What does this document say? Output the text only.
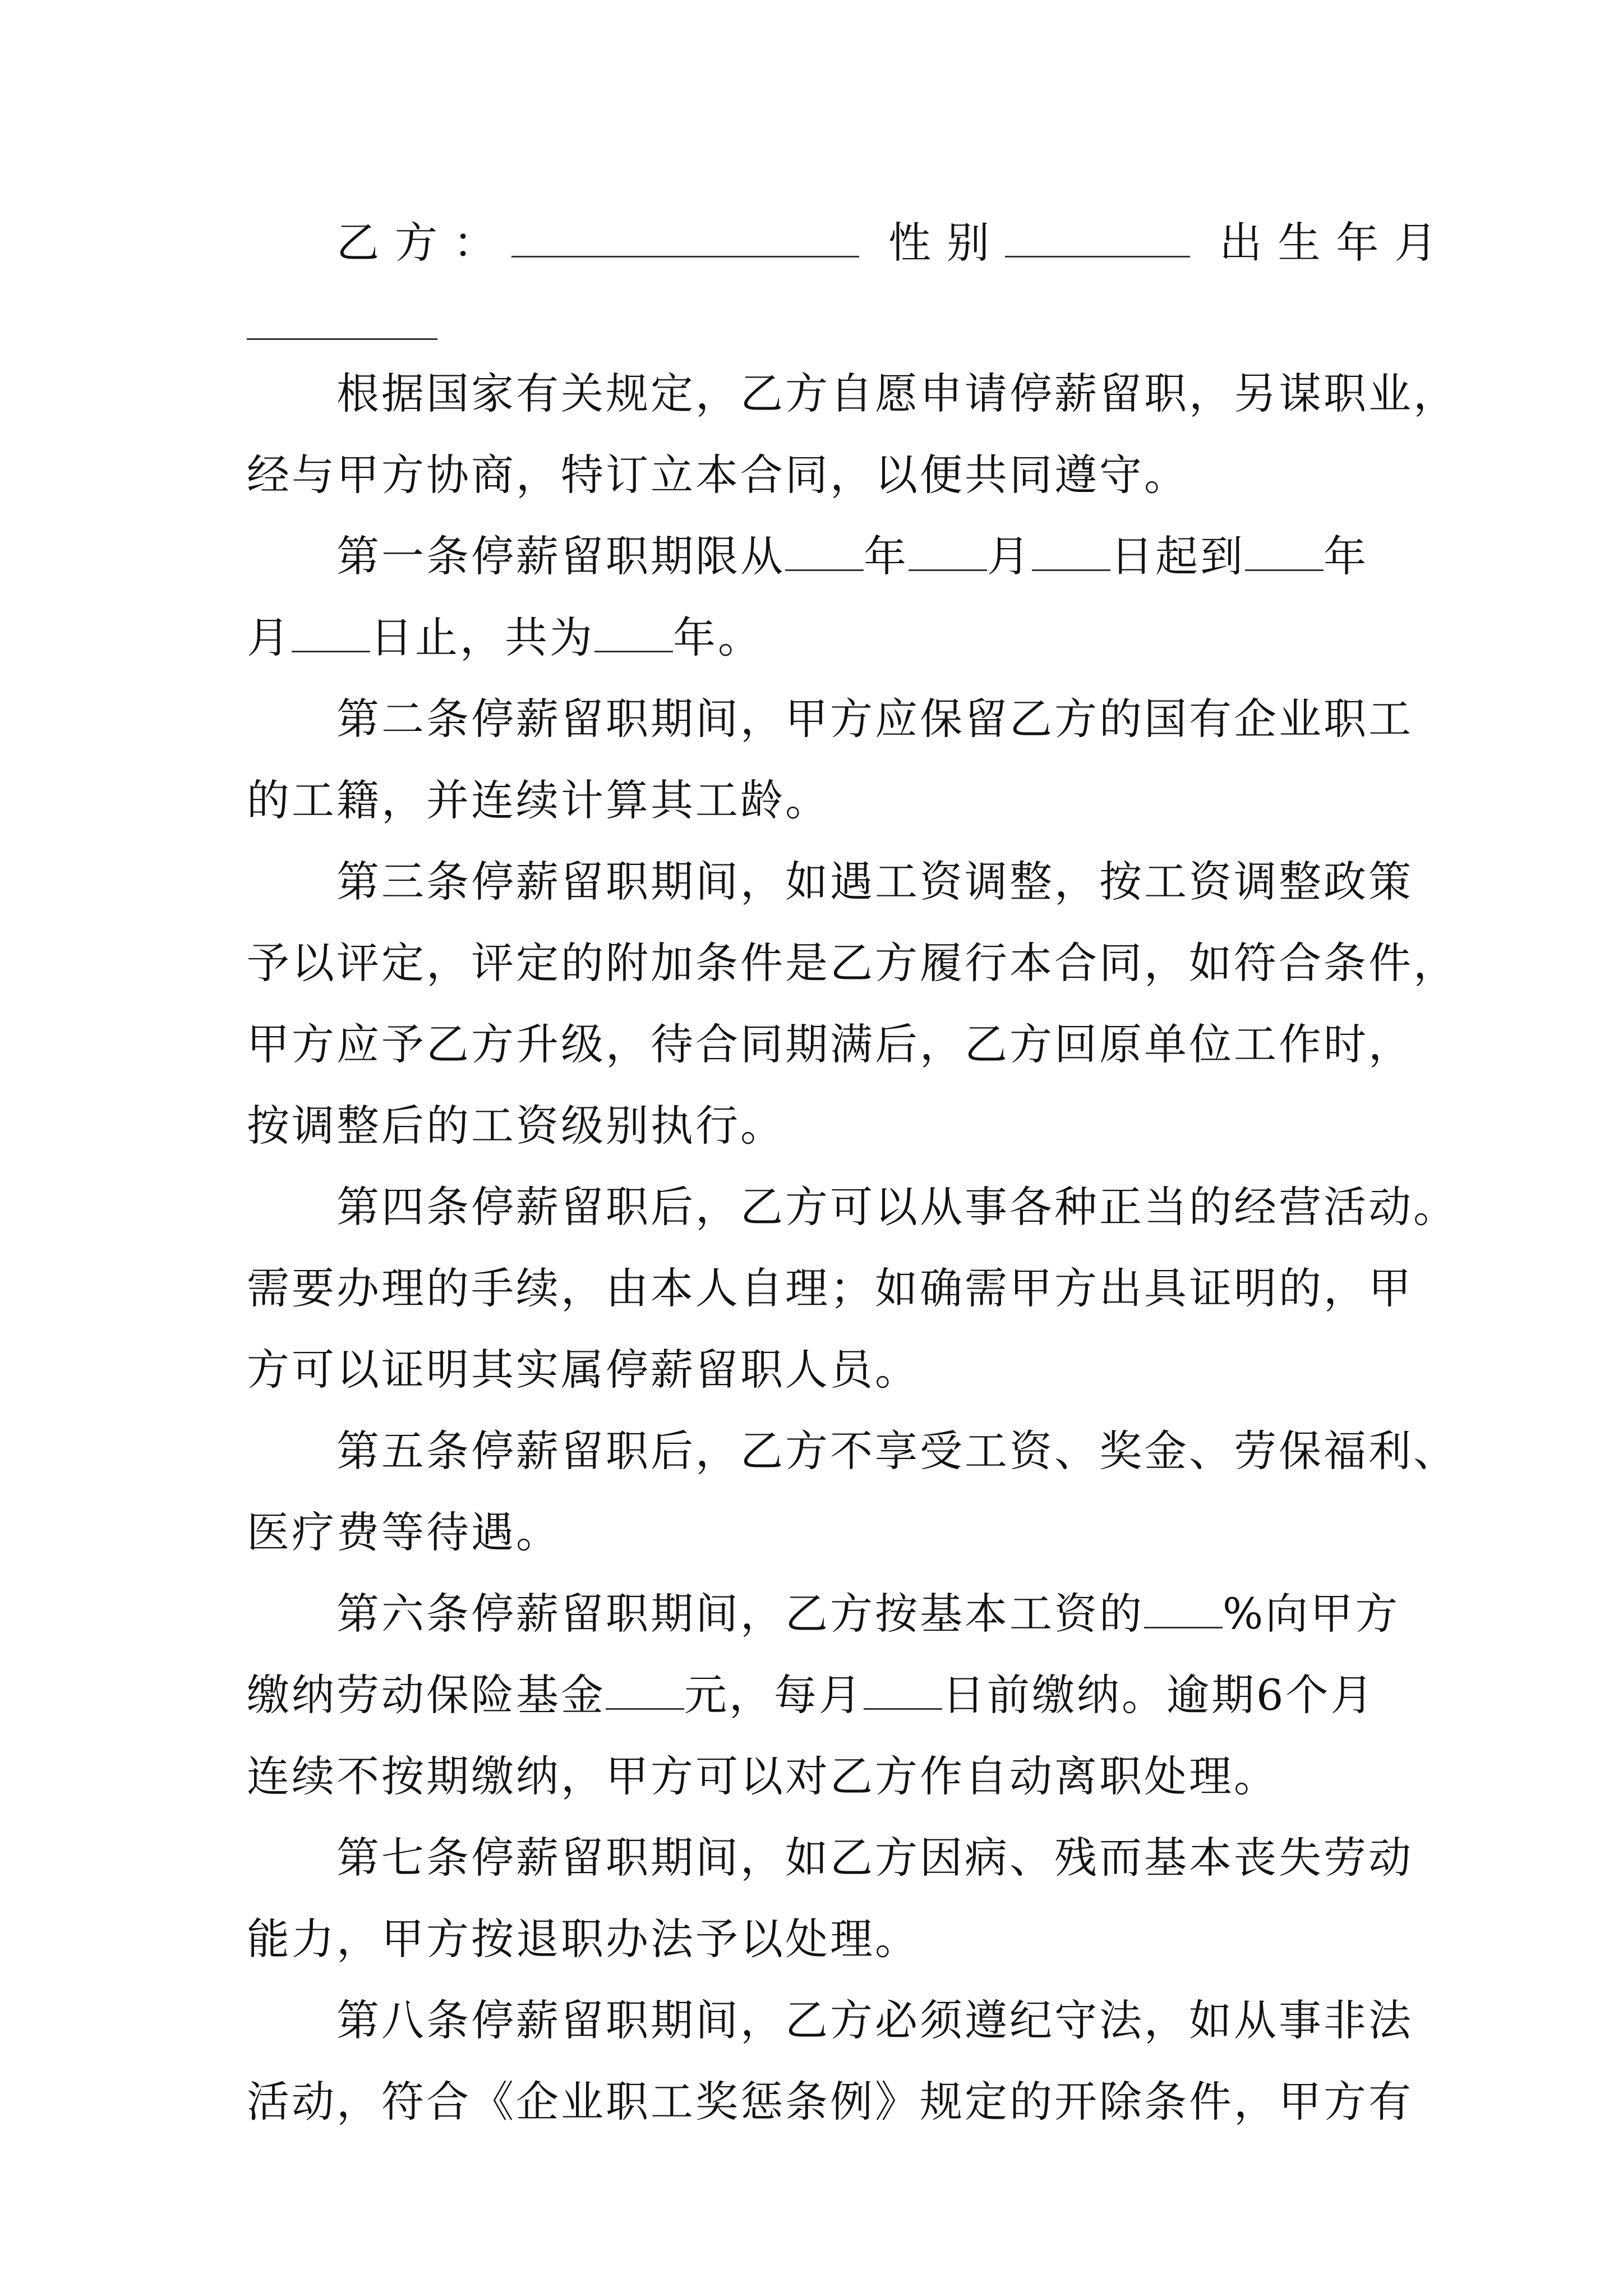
乙方：	性别	出生年月
根据国家有关规定，乙方自愿申请停薪留职，另谋职业，
经与甲方协商，特订立本合同，以便共同遵守。
第一条停薪留职期限从 年 月 日起到 年
月 日止，共为 年。
第二条停薪留职期间，甲方应保留乙方的国有企业职工
的工籍，并连续计算其工龄。
第三条停薪留职期间，如遇工资调整，按工资调整政策
予以评定，评定的附加条件是乙方履行本合同，如符合条件，
甲方应予乙方升级，待合同期满后，乙方回原单位工作时，
按调整后的工资级别执行。
第四条停薪留职后，乙方可以从事各种正当的经营活动。
需要办理的手续，由本人自理；如确需甲方出具证明的，甲
方可以证明其实属停薪留职人员。
第五条停薪留职后，乙方不享受工资、奖金、劳保福利、
医疗费等待遇。
第六条停薪留职期间，乙方按基本工资的 %向甲方
缴纳劳动保险基金 元，每月 日前缴纳。逾期6个月
连续不按期缴纳，甲方可以对乙方作自动离职处理。
第七条停薪留职期间，如乙方因病、残而基本丧失劳动
能力，甲方按退职办法予以处理。
第八条停薪留职期间，乙方必须遵纪守法，如从事非法
活动，符合《企业职工奖惩条例》规定的开除条件，甲方有
